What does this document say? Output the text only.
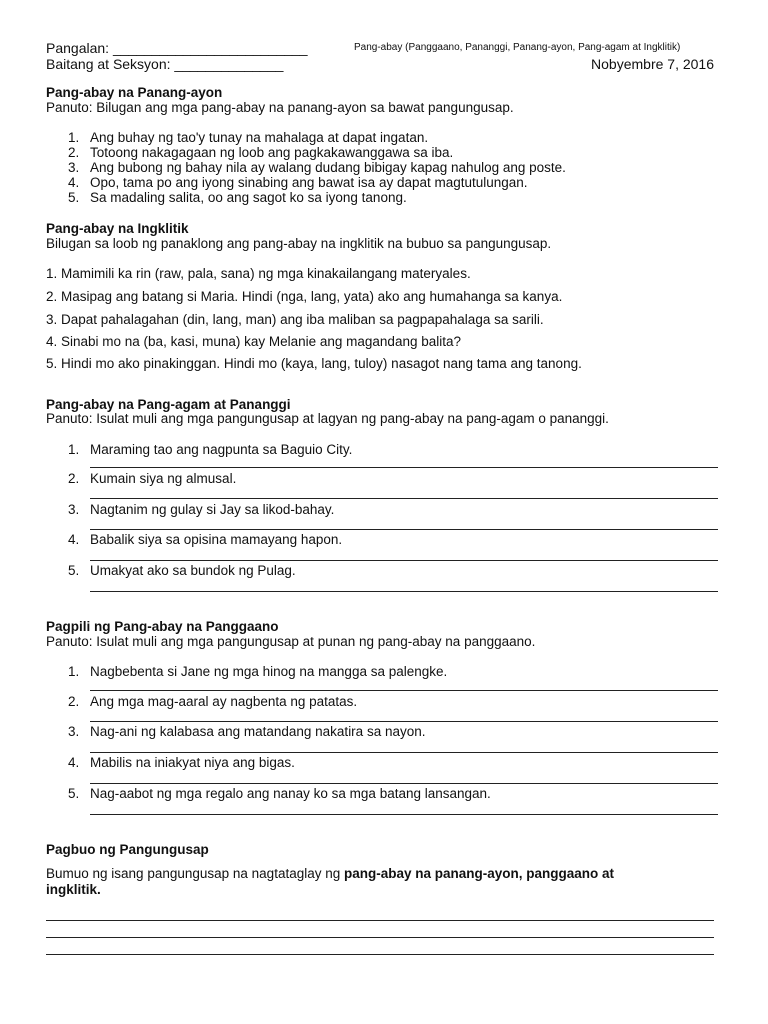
Pangalan: _________________________	Pang-abay (Panggaano, Pananggi, Panang-ayon, Pang-agam at Ingklitik)
Baitang at Seksyon: ______________	Nobyembre 7, 2016
Pang-abay na Panang-ayon
Panuto: Bilugan ang mga pang-abay na panang-ayon sa bawat pangungusap.
1. Ang buhay ng tao'y tunay na mahalaga at dapat ingatan.
2. Totoong nakagagaan ng loob ang pagkakawanggawa sa iba.
3. Ang bubong ng bahay nila ay walang dudang bibigay kapag nahulog ang poste.
4. Opo, tama po ang iyong sinabing ang bawat isa ay dapat magtutulungan.
5. Sa madaling salita, oo ang sagot ko sa iyong tanong.
Pang-abay na Ingklitik
Bilugan sa loob ng panaklong ang pang-abay na ingklitik na bubuo sa pangungusap.
1. Mamimili ka rin (raw, pala, sana) ng mga kinakailangang materyales.
2. Masipag ang batang si Maria. Hindi (nga, lang, yata) ako ang humahanga sa kanya.
3. Dapat pahalagahan (din, lang, man) ang iba maliban sa pagpapahalaga sa sarili.
4. Sinabi mo na (ba, kasi, muna) kay Melanie ang magandang balita?
5. Hindi mo ako pinakinggan. Hindi mo (kaya, lang, tuloy) nasagot nang tama ang tanong.
Pang-abay na Pang-agam at Pananggi
Panuto: Isulat muli ang mga pangungusap at lagyan ng pang-abay na pang-agam o pananggi.
1. Maraming tao ang nagpunta sa Baguio City.
2. Kumain siya ng almusal.
3. Nagtanim ng gulay si Jay sa likod-bahay.
4. Babalik siya sa opisina mamayang hapon.
5. Umakyat ako sa bundok ng Pulag.
Pagpili ng Pang-abay na Panggaano
Panuto: Isulat muli ang mga pangungusap at punan ng pang-abay na panggaano.
1. Nagbebenta si Jane ng mga hinog na mangga sa palengke.
2. Ang mga mag-aaral ay nagbenta ng patatas.
3. Nag-ani ng kalabasa ang matandang nakatira sa nayon.
4. Mabilis na iniakyat niya ang bigas.
5. Nag-aabot ng mga regalo ang nanay ko sa mga batang lansangan.
Pagbuo ng Pangungusap
Bumuo ng isang pangungusap na nagtataglay ng pang-abay na panang-ayon, panggaano at
ingklitik.
